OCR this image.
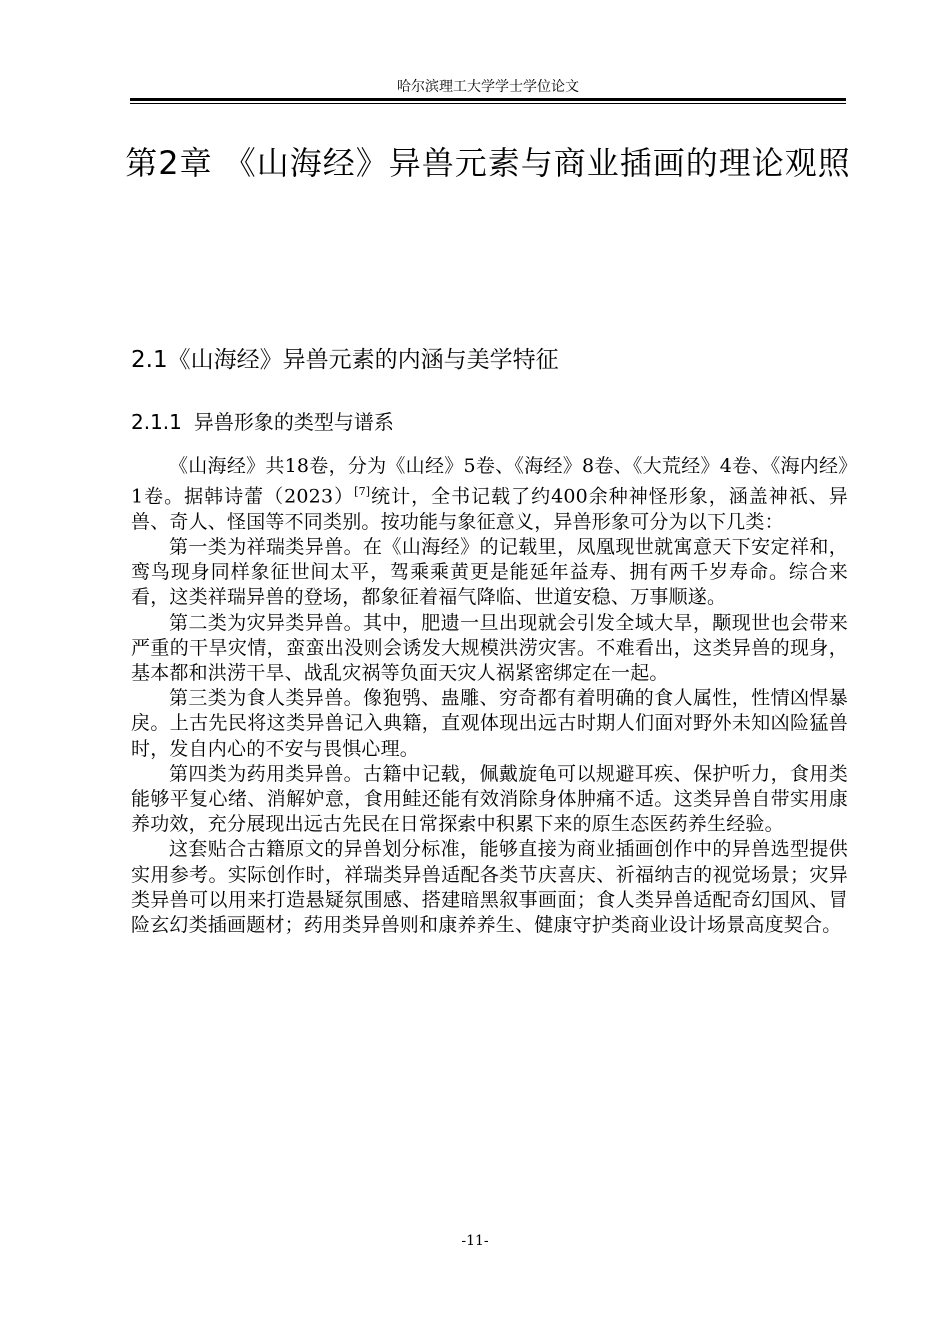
哈尔滨理工大学学士学位论文
第2章 《山海经》异兽元素与商业插画的理论观照
2.1《山海经》异兽元素的内涵与美学特征
2.1.1 异兽形象的类型与谱系

《山海经》共18卷，分为《山经》5卷、《海经》8卷、《大荒经》4卷、《海内经》1卷。据韩诗蕾（2023）[7]统计，全书记载了约400余种神怪形象，涵盖神祇、异兽、奇人、怪国等不同类别。按功能与象征意义，异兽形象可分为以下几类：

第一类为祥瑞类异兽。在《山海经》的记载里，凤凰现世就寓意天下安定祥和，鸾鸟现身同样象征世间太平，驾乘乘黄更是能延年益寿、拥有两千岁寿命。综合来看，这类祥瑞异兽的登场，都象征着福气降临、世道安稳、万事顺遂。

第二类为灾异类异兽。其中，肥遗一旦出现就会引发全域大旱，颙现世也会带来严重的干旱灾情，蛮蛮出没则会诱发大规模洪涝灾害。不难看出，这类异兽的现身，基本都和洪涝干旱、战乱灾祸等负面天灾人祸紧密绑定在一起。

第三类为食人类异兽。像狍鸮、蛊雕、穷奇都有着明确的食人属性，性情凶悍暴戾。上古先民将这类异兽记入典籍，直观体现出远古时期人们面对野外未知凶险猛兽时，发自内心的不安与畏惧心理。

第四类为药用类异兽。古籍中记载，佩戴旋龟可以规避耳疾、保护听力，食用类能够平复心绪、消解妒意，食用鲑还能有效消除身体肿痛不适。这类异兽自带实用康养功效，充分展现出远古先民在日常探索中积累下来的原生态医药养生经验。

这套贴合古籍原文的异兽划分标准，能够直接为商业插画创作中的异兽选型提供实用参考。实际创作时，祥瑞类异兽适配各类节庆喜庆、祈福纳吉的视觉场景；灾异类异兽可以用来打造悬疑氛围感、搭建暗黑叙事画面；食人类异兽适配奇幻国风、冒险玄幻类插画题材；药用类异兽则和康养养生、健康守护类商业设计场景高度契合。

-11-
